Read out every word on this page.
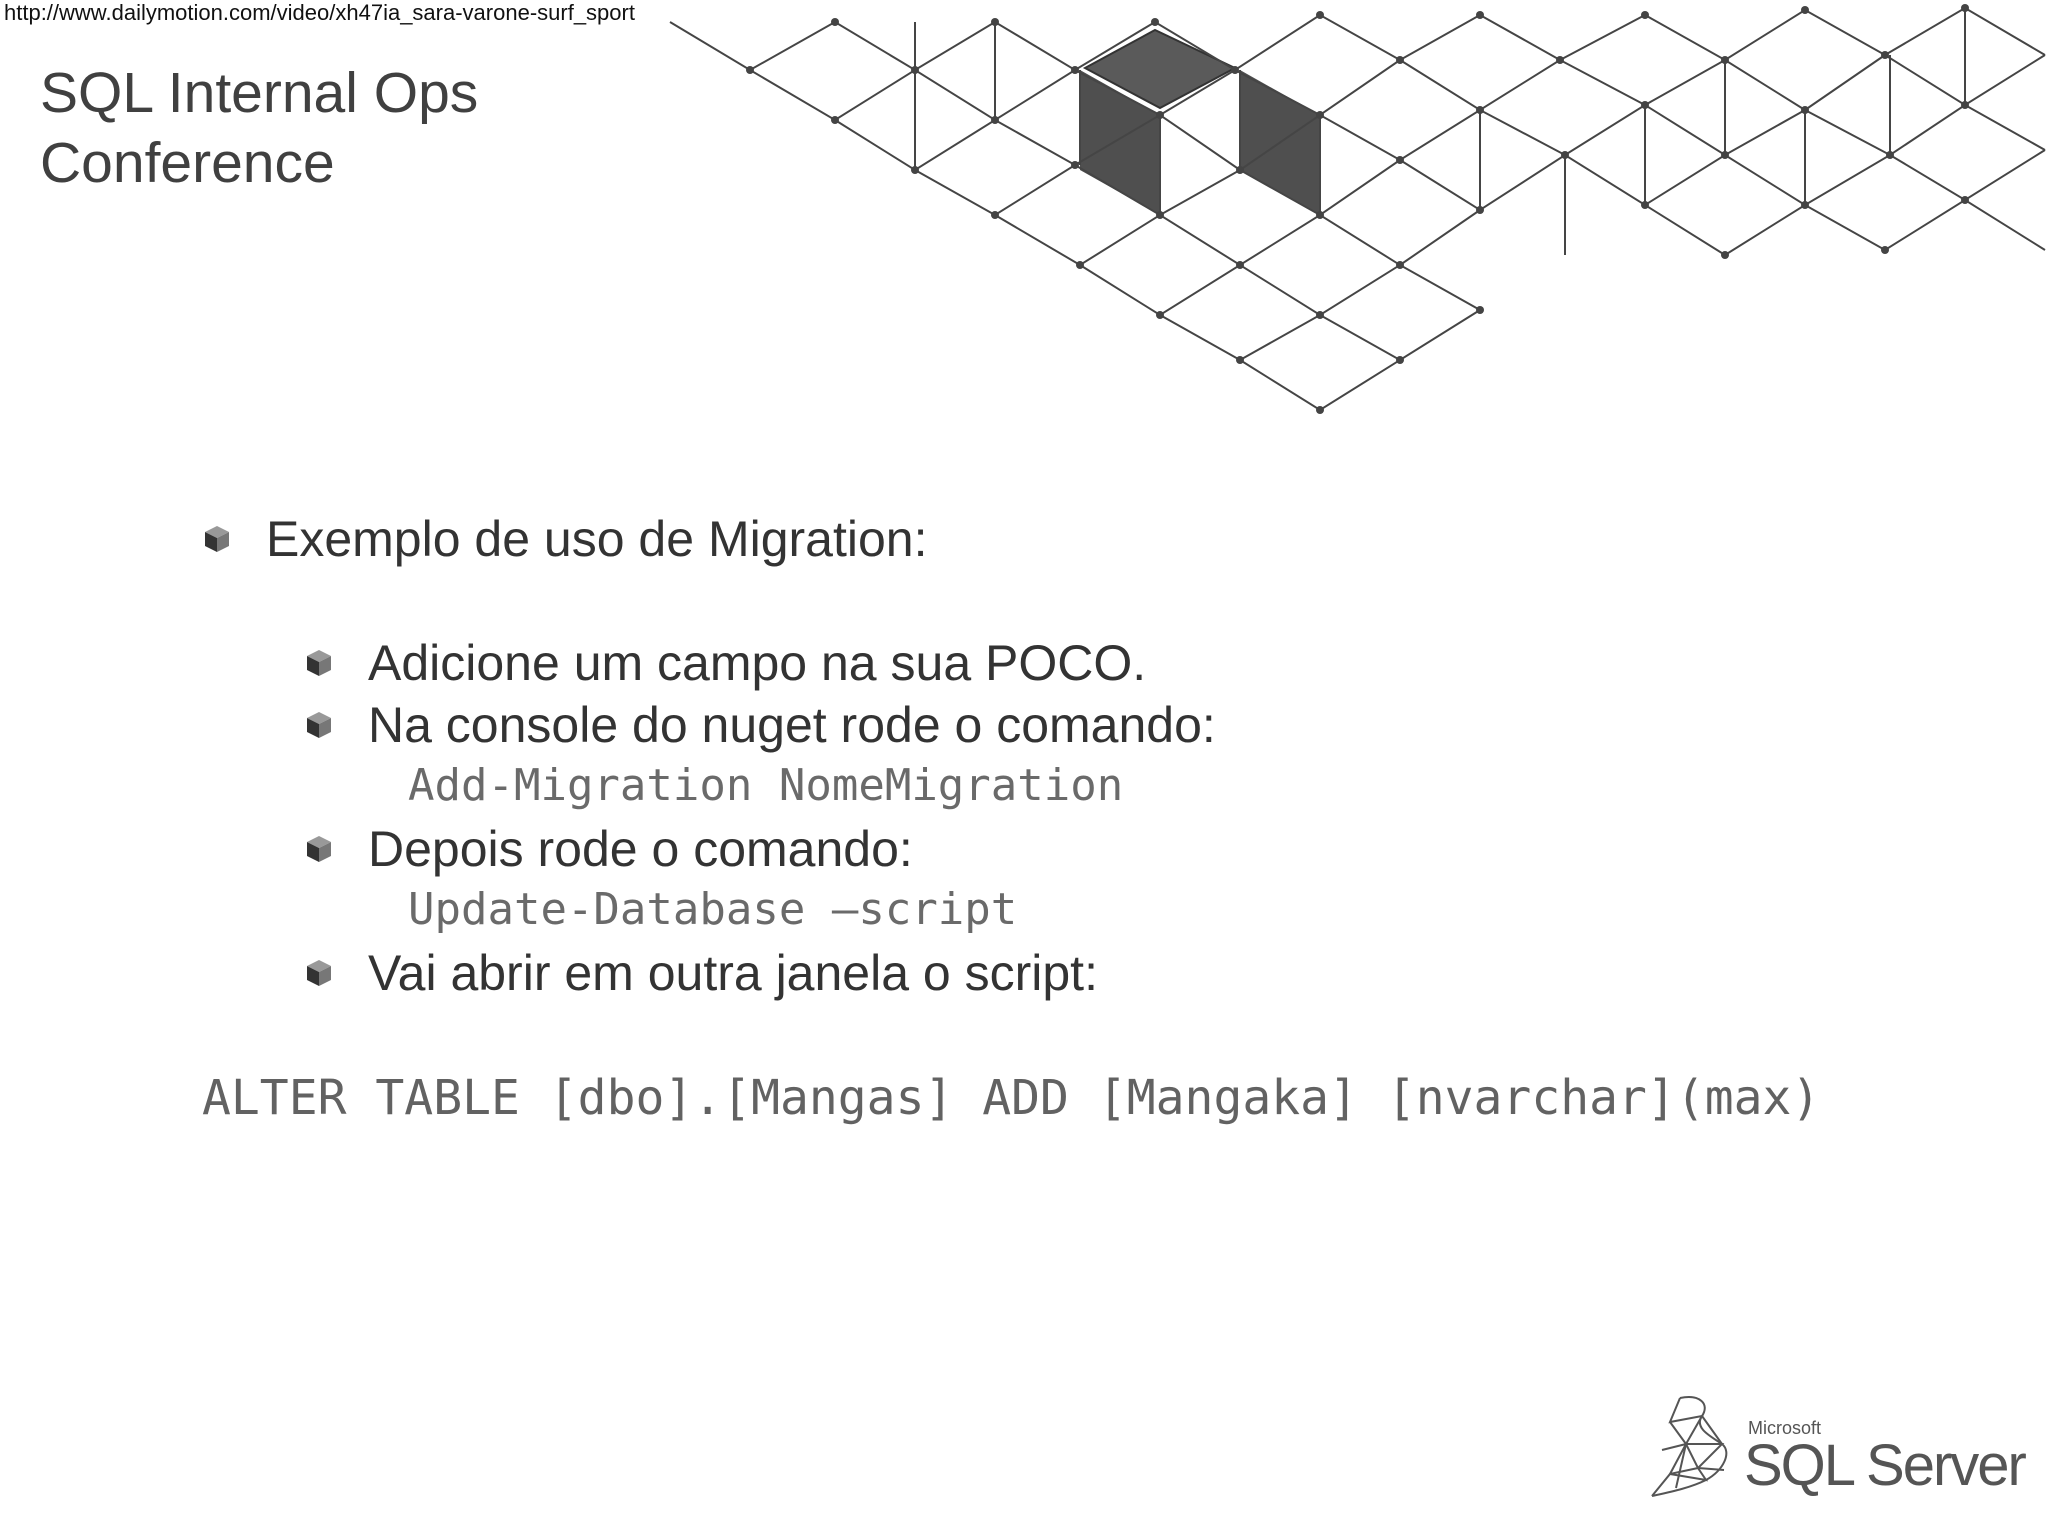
http://www.dailymotion.com/video/xh47ia_sara-varone-surf_sport
SQL Internal Ops
Conference
Exemplo de uso de Migration:
Adicione um campo na sua POCO.
Na console do nuget rode o comando:
Add-Migration NomeMigration
Depois rode o comando:
Update-Database –script
Vai abrir em outra janela o script:
ALTER TABLE [dbo].[Mangas] ADD [Mangaka] [nvarchar](max)
Microsoft
SQL Server
